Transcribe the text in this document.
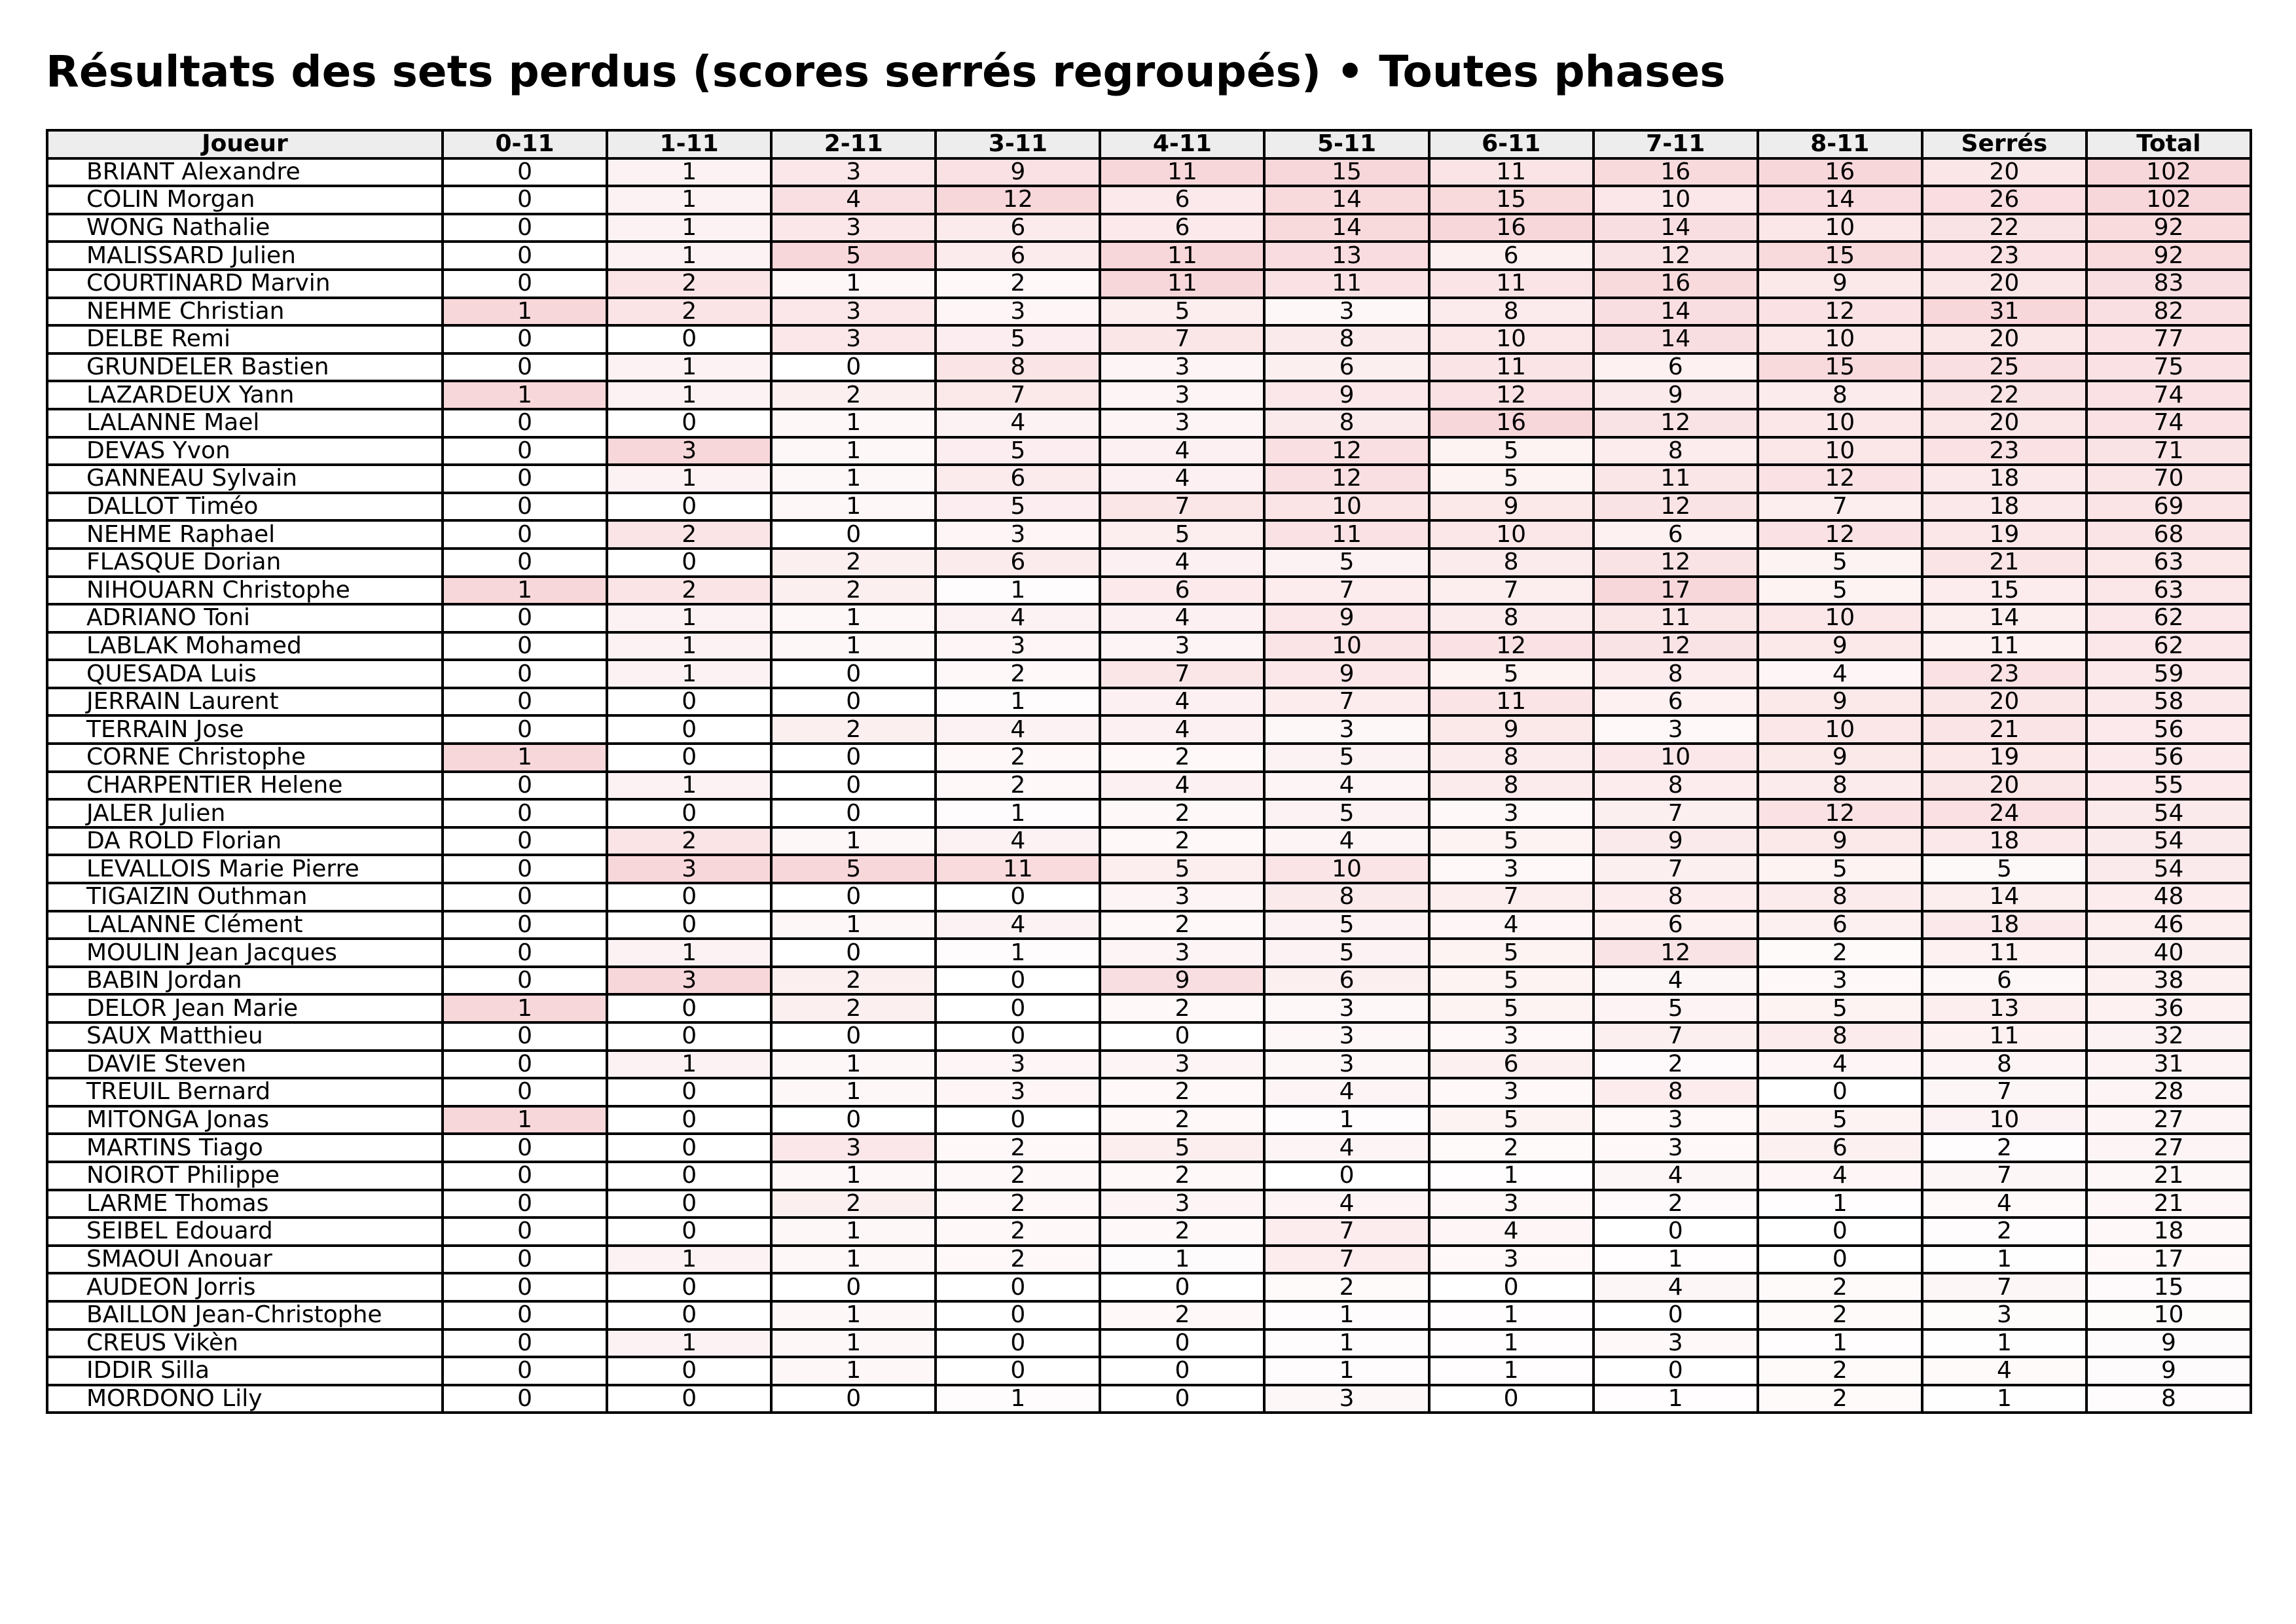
Résultats des sets perdus (scores serrés regroupés) • Toutes phases
Joueur	0-11	1-11	2-11	3-11	4-11	5-11	6-11	7-11	8-11	Serrés	Total
BRIANT Alexandre	0	1	3	9	11	15	11	16	16	20	102
COLIN Morgan	0	1	4	12	6	14	15	10	14	26	102
WONG Nathalie	0	1	3	6	6	14	16	14	10	22	92
MALISSARD Julien	0	1	5	6	11	13	6	12	15	23	92
COURTINARD Marvin	0	2	1	2	11	11	11	16	9	20	83
NEHME Christian	1	2	3	3	5	3	8	14	12	31	82
DELBE Remi	0	0	3	5	7	8	10	14	10	20	77
GRUNDELER Bastien	0	1	0	8	3	6	11	6	15	25	75
LAZARDEUX Yann	1	1	2	7	3	9	12	9	8	22	74
LALANNE Mael	0	0	1	4	3	8	16	12	10	20	74
DEVAS Yvon	0	3	1	5	4	12	5	8	10	23	71
GANNEAU Sylvain	0	1	1	6	4	12	5	11	12	18	70
DALLOT Timéo	0	0	1	5	7	10	9	12	7	18	69
NEHME Raphael	0	2	0	3	5	11	10	6	12	19	68
FLASQUE Dorian	0	0	2	6	4	5	8	12	5	21	63
NIHOUARN Christophe	1	2	2	1	6	7	7	17	5	15	63
ADRIANO Toni	0	1	1	4	4	9	8	11	10	14	62
LABLAK Mohamed	0	1	1	3	3	10	12	12	9	11	62
QUESADA Luis	0	1	0	2	7	9	5	8	4	23	59
JERRAIN Laurent	0	0	0	1	4	7	11	6	9	20	58
TERRAIN Jose	0	0	2	4	4	3	9	3	10	21	56
CORNE Christophe	1	0	0	2	2	5	8	10	9	19	56
CHARPENTIER Helene	0	1	0	2	4	4	8	8	8	20	55
JALER Julien	0	0	0	1	2	5	3	7	12	24	54
DA ROLD Florian	0	2	1	4	2	4	5	9	9	18	54
LEVALLOIS Marie Pierre	0	3	5	11	5	10	3	7	5	5	54
TIGAIZIN Outhman	0	0	0	0	3	8	7	8	8	14	48
LALANNE Clément	0	0	1	4	2	5	4	6	6	18	46
MOULIN Jean Jacques	0	1	0	1	3	5	5	12	2	11	40
BABIN Jordan	0	3	2	0	9	6	5	4	3	6	38
DELOR Jean Marie	1	0	2	0	2	3	5	5	5	13	36
SAUX Matthieu	0	0	0	0	0	3	3	7	8	11	32
DAVIE Steven	0	1	1	3	3	3	6	2	4	8	31
TREUIL Bernard	0	0	1	3	2	4	3	8	0	7	28
MITONGA Jonas	1	0	0	0	2	1	5	3	5	10	27
MARTINS Tiago	0	0	3	2	5	4	2	3	6	2	27
NOIROT Philippe	0	0	1	2	2	0	1	4	4	7	21
LARME Thomas	0	0	2	2	3	4	3	2	1	4	21
SEIBEL Edouard	0	0	1	2	2	7	4	0	0	2	18
SMAOUI Anouar	0	1	1	2	1	7	3	1	0	1	17
AUDEON Jorris	0	0	0	0	0	2	0	4	2	7	15
BAILLON Jean-Christophe	0	0	1	0	2	1	1	0	2	3	10
CREUS Vikèn	0	1	1	0	0	1	1	3	1	1	9
IDDIR Silla	0	0	1	0	0	1	1	0	2	4	9
MORDONO Lily	0	0	0	1	0	3	0	1	2	1	8
